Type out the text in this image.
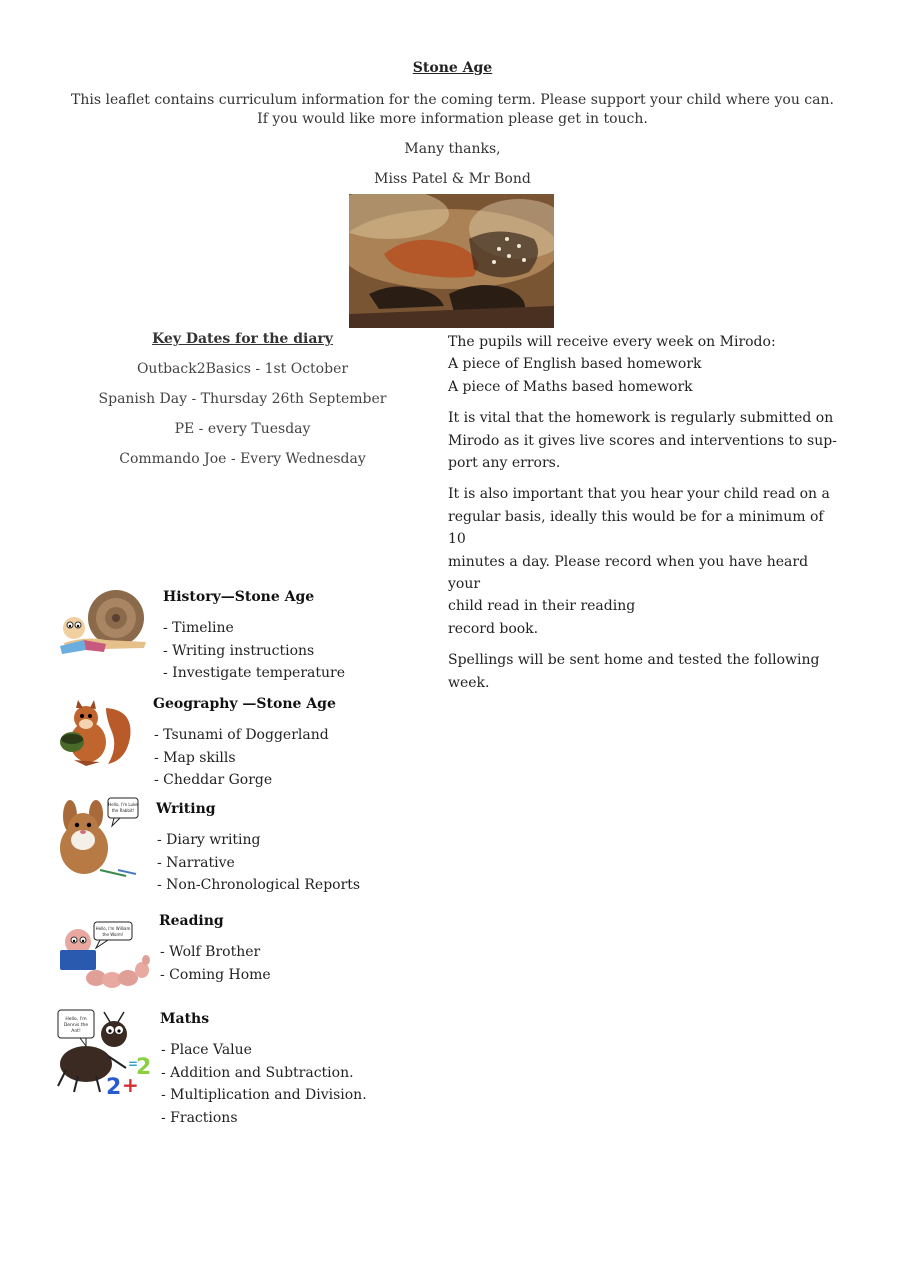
Stone Age
This leaflet contains curriculum information for the coming term. Please support your child where you can. If you would like more information please get in touch.
Many thanks,
Miss Patel & Mr Bond
Key Dates for the diary
Outback2Basics - 1st October
Spanish Day - Thursday 26th September
PE - every Tuesday
Commando Joe - Every Wednesday

The pupils will receive every week on Mirodo:
A piece of English based homework
A piece of Maths based homework

It is vital that the homework is regularly submitted on
Mirodo as it gives live scores and interventions to sup-
port any errors.

It is also important that you hear your child read on a
regular basis, ideally this would be for a minimum of 10
minutes a day. Please record when you have heard your
child read in their reading
record book.

Spellings will be sent home and tested the following
week.

History—Stone Age
- Timeline
- Writing instructions
- Investigate temperature
Geography —Stone Age
- Tsunami of Doggerland
- Map skills
- Cheddar Gorge
Hello, I'm Luke
the Rabbit! Writing
- Diary writing
- Narrative
- Non-Chronological Reports
Hello, I'm William
the Worm!
Reading
- Wolf Brother
- Coming Home
Hello, I'm
Dennis the
Ant!
2 +
2
=
Maths
- Place Value
- Addition and Subtraction.
- Multiplication and Division.
- Fractions
